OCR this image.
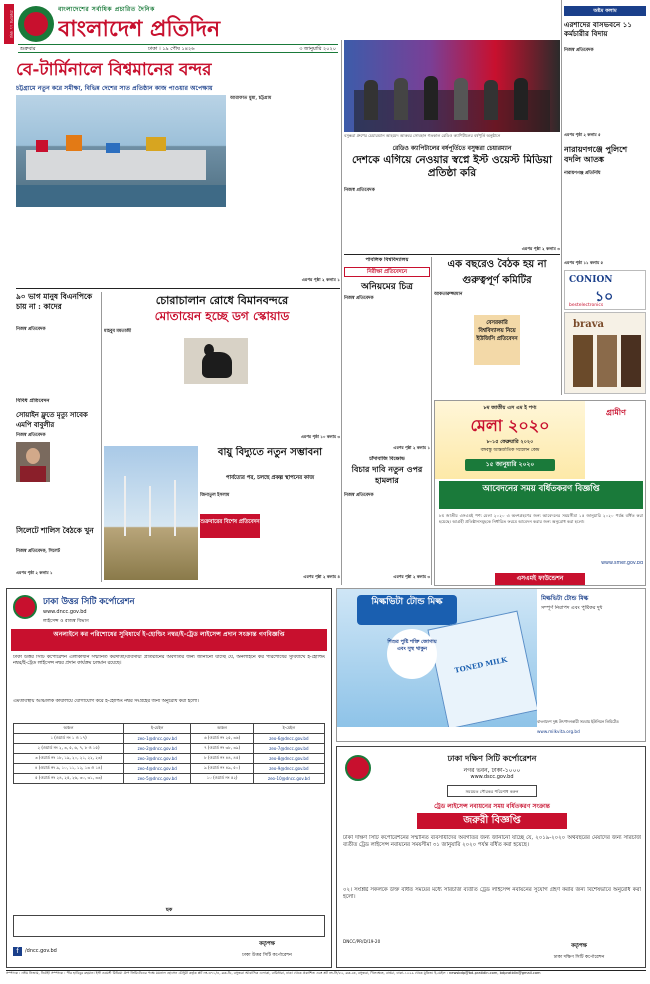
প্রকাশের ১১ বছর
বাংলাদেশের সর্বাধিক প্রচারিত দৈনিক
বাংলাদেশ প্রতিদিন
শুক্রবার	ঢাকা । ১৯ পৌষ ১৪২৬	৩ জানুয়ারি ২০২০
বে-টার্মিনালে বিশ্বমানের বন্দর
চট্টগ্রামে নতুন করে সমীক্ষা, বিভিন্ন দেশের সাত প্রতিষ্ঠান কাজ পাওয়ার অপেক্ষায়
আরাফাত মুন্না, চট্টগ্রাম
এরপর পৃষ্ঠা ২ কলাম ১
বসুন্ধরা গ্রুপের চেয়ারম্যান আহমেদ আকবর সোবহান গতকাল রেডিও ক্যাপিটালের বর্ষপূর্তি অনুষ্ঠানে
রেডিও ক্যাপিটালের বর্ষপূর্তিতে বসুন্ধরা চেয়ারম্যান
দেশকে এগিয়ে নেওয়ার স্বপ্নে ইস্ট ওয়েস্ট মিডিয়া প্রতিষ্ঠা করি
নিজস্ব প্রতিবেদক
এরপর পৃষ্ঠা ২ কলাম ৩
অষ্টম কলাম
এরশাদের বাসভবনে ১১ কর্মচারীর বিদায়
নিজস্ব প্রতিবেদক
এরপর পৃষ্ঠা ২ কলাম ৫
নারায়ণগঞ্জে পুলিশে বদলি আতঙ্ক
নারায়ণগঞ্জ প্রতিনিধি
এরপর পৃষ্ঠা ১১ কলাম ৫
CONION
১০
bestelectronics
brava
৯০ ভাগ মানুষ বিএনপিকে চায় না : কাদের
নিজস্ব প্রতিবেদক
চোরাচালান রোধে বিমানবন্দরে
মোতায়েন হচ্ছে ডগ স্কোয়াড
মাহবুব মমতাজী
এরপর পৃষ্ঠা ১০ কলাম ৩
পাবলিক বিশ্ববিদ্যালয়
নিরীক্ষা প্রতিবেদনে
অনিয়মের চিত্র
নিজস্ব প্রতিবেদক
এরপর পৃষ্ঠা ২ কলাম ১
এক বছরেও বৈঠক হয় না
গুরুত্বপূর্ণ কমিটির
আকতারুজ্জামান
বেসরকারি বিশ্ববিদ্যালয় নিয়ে ইউজিসি প্রতিবেদন
বিবিধ প্রতিবেদন
সোয়াইন ফ্লুতে মৃত্যু সাবেক এমপি বাবুলীর
নিজস্ব প্রতিবেদক
সিলেটে শালিস বৈঠকে খুন
নিজস্ব প্রতিবেদক, সিলেট
এরপর পৃষ্ঠা ২ কলাম ১
বায়ু বিদ্যুতে নতুন সম্ভাবনা
পার্বত্যের পর, চলছে প্রকল্প স্থাপনের কাজ
জিনাতুল ইসলাম
শুক্রবারের বিশেষ প্রতিবেদন
এরপর পৃষ্ঠা ২ কলাম ৪
চাঁদাবাজি বিক্ষোভ
বিচার দাবি নতুন ওপর হামলার
নিজস্ব প্রতিবেদক
এরপর পৃষ্ঠা ২ কলাম ৩
৮ম জাতীয় এস এম ই পণ্য
মেলা ২০২০
৮-১৫ ফেব্রুয়ারি ২০২০
বঙ্গবন্ধু আন্তর্জাতিক সম্মেলন কেন্দ্র
১৫ জানুয়ারি ২০২০
গ্রামীণ
আবেদনের সময় বর্ধিতকরণ বিজ্ঞপ্তি
৮ম জাতীয় এসএমই পণ্য মেলা ২০২০ এ অংশগ্রহণের জন্য আবেদনের সময়সীমা ১৫ জানুয়ারি ২০২০ পর্যন্ত বর্ধিত করা হয়েছে। আগ্রহী প্রতিষ্ঠানসমূহকে নির্ধারিত ফরমে আবেদন করার জন্য অনুরোধ করা হলো।
www.smef.gov.bd
এসএমই ফাউন্ডেশন
ঢাকা উত্তর সিটি কর্পোরেশন
www.dncc.gov.bd
লাইসেন্স ও রাজস্ব বিভাগ
অনলাইনে কর পরিশোধের সুবিধার্থে ই-হোল্ডিং নম্বর/ই-ট্রেড লাইসেন্স প্রদান সংক্রান্ত গণবিজ্ঞপ্তি
ঢাকা উত্তর সিটি কর্পোরেশন এলাকাধীন সম্মানিত করদাতা/ব্যবসায়ী প্রতিষ্ঠানের অবগতির জন্য জানানো যাচ্ছে যে, অনলাইনে কর পরিশোধের সুবিধার্থে ই-হোল্ডিং নম্বর/ই-ট্রেড লাইসেন্স নম্বর প্রদান কার্যক্রম চলমান রয়েছে।
এমতাবস্থায় আঞ্চলিক কার্যালয়ে যোগাযোগ করে ই-হোল্ডিং নম্বর সংগ্রহের জন্য অনুরোধ করা হলো।
অঞ্চল	ই-মেইল	অঞ্চল	ই-মেইল
১ (ওয়ার্ড নং ১ ও ১৭)	zeo-1@dncc.gov.bd	৬ (ওয়ার্ড নং ২৫, ৩৬)	zeo-6@dncc.gov.bd
২ (ওয়ার্ড নং ২, ৩, ৫, ৬, ৭, ৮ ও ১৫)	zeo-2@dncc.gov.bd	৭ (ওয়ার্ড নং ৩৮, ৩৯)	zeo-7@dncc.gov.bd
৩ (ওয়ার্ড নং ১৮, ১৯, ২০, ২১, ২২, ২৩)	zeo-3@dncc.gov.bd	৮ (ওয়ার্ড নং ৪৪, ৪৫)	zeo-8@dncc.gov.bd
৪ (ওয়ার্ড নং ৯, ১০, ১১, ১২, ১৩ ও ১৪)	zeo-4@dncc.gov.bd	৯ (ওয়ার্ড নং ৪৯, ৫০)	zeo-9@dncc.gov.bd
৫ (ওয়ার্ড নং ২৪, ২৫, ২৬, ৩০, ৩১, ৩৩)	zeo-5@dncc.gov.bd	১০ (ওয়ার্ড নং ৫২)	zeo-10@dncc.gov.bd
ছক
f	/dncc.gov.bd
কর্তৃপক্ষ
ঢাকা উত্তর সিটি কর্পোরেশন
মিল্কভিটা টোন্ড মিল্ক
TONED MILK
শিশুর পুষ্টি শক্তি জোগায় এবং সুস্থ থাকুন
মিল্কভিটা টোন্ড মিল্ক
সম্পূর্ণ নিরাপদ এবং পুষ্টিকর দুধ
বাংলাদেশ দুগ্ধ উৎপাদনকারী সমবায় ইউনিয়ন লিমিটেড
www.milkvita.org.bd
ঢাকা দক্ষিণ সিটি কর্পোরেশন
নগর ভবন, ঢাকা-১০০০
www.dscc.gov.bd
সময়মত পৌরকর পরিশোধ করুন
ট্রেড লাইসেন্স নবায়নের সময় বর্ধিতকরণ সংক্রান্ত
জরুরী বিজ্ঞপ্তি
ঢাকা দক্ষিণ সিটি কর্পোরেশনের সম্মানিত ব্যবসায়ীদের অবগতির জন্য জানানো যাচ্ছে যে, ২০১৯-২০২০ অর্থবছরের মেয়াদের জন্য সারচার্জ ব্যতীত ট্রেড লাইসেন্স নবায়নের সময়সীমা ৩১ জানুয়ারি ২০২০ পর্যন্ত বর্ধিত করা হয়েছে।
০২। সংশ্লিষ্ট সকলকে উক্ত বর্ধিত সময়ের মধ্যে সারচার্জ ব্যতীত ট্রেড লাইসেন্স নবায়নের সুযোগ গ্রহণ করার জন্য বিশেষভাবে অনুরোধ করা হলো।
DNCC/PR/D/19-20
কর্তৃপক্ষ
ঢাকা দক্ষিণ সিটি কর্পোরেশন
সম্পাদক : নঈম নিজাম, নির্বাহী সম্পাদক : পীর হাবিবুর রহমান। ইস্ট ওয়েস্ট মিডিয়া গ্রুপ লিমিটেডের পক্ষে ময়নাল হোসেন চৌধুরী কর্তৃক প্লট নং-৩৭১/এ, ব্লক-ডি, বসুন্ধরা আবাসিক এলাকা, বারিধারা, ঢাকা থেকে প্রকাশিত এবং প্লট নং-সি/৫২, ব্লক-কে, বসুন্ধরা, খিলক্ষেত, বাড্ডা, ঢাকা-১২২৯ থেকে মুদ্রিত। ই-মেইল : newsbdp@bd-pratidin.com, bdpratidin@gmail.com
